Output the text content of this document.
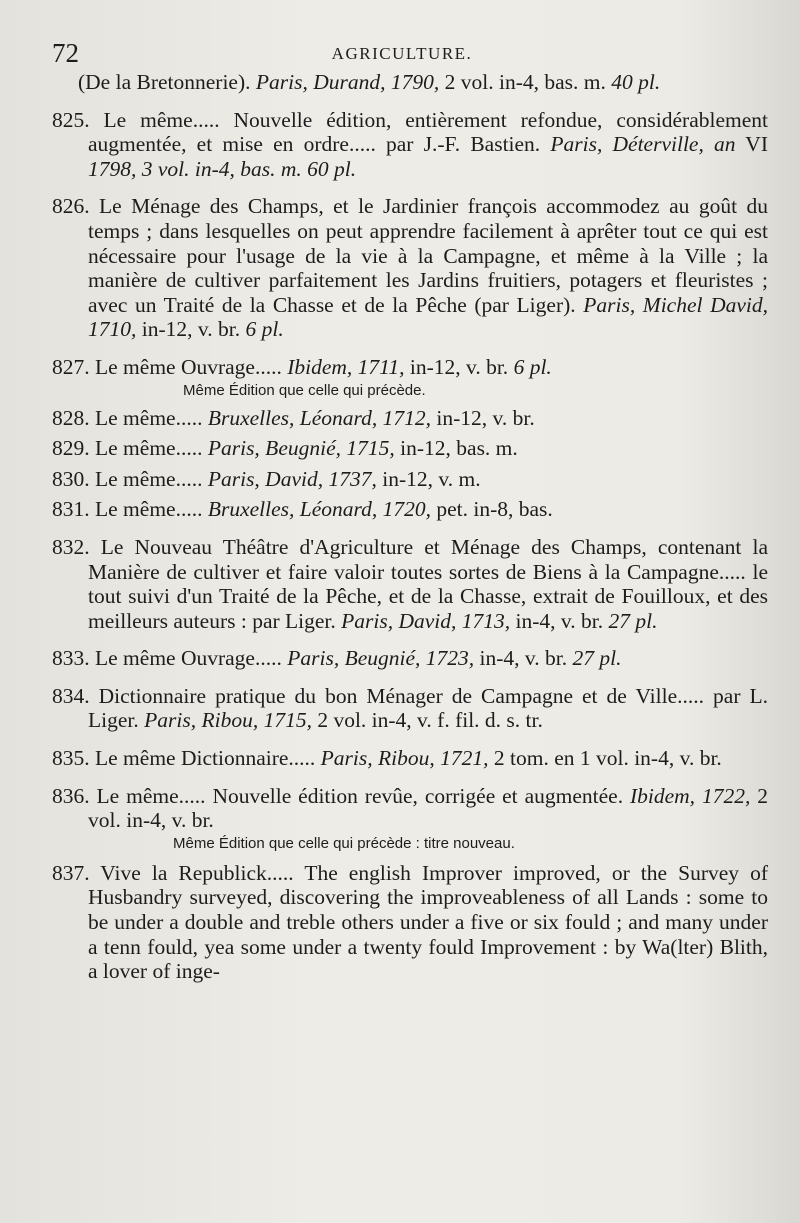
72	AGRICULTURE.
(De la Bretonnerie). Paris, Durand, 1790, 2 vol. in-4, bas. m. 40 pl.
825. Le même..... Nouvelle édition, entièrement refondue, considérablement augmentée, et mise en ordre..... par J.-F. Bastien. Paris, Déterville, an VI 1798, 3 vol. in-4, bas. m. 60 pl.
826. Le Ménage des Champs, et le Jardinier françois accommodez au goût du temps ; dans lesquelles on peut apprendre facilement à aprêter tout ce qui est nécessaire pour l'usage de la vie à la Campagne, et même à la Ville ; la manière de cultiver parfaitement les Jardins fruitiers, potagers et fleuristes ; avec un Traité de la Chasse et de la Pêche (par Liger). Paris, Michel David, 1710, in-12, v. br. 6 pl.
827. Le même Ouvrage..... Ibidem, 1711, in-12, v. br. 6 pl.
Même Édition que celle qui précède.
828. Le même..... Bruxelles, Léonard, 1712, in-12, v. br.
829. Le même..... Paris, Beugnié, 1715, in-12, bas. m.
830. Le même..... Paris, David, 1737, in-12, v. m.
831. Le même..... Bruxelles, Léonard, 1720, pet. in-8, bas.
832. Le Nouveau Théâtre d'Agriculture et Ménage des Champs, contenant la Manière de cultiver et faire valoir toutes sortes de Biens à la Campagne..... le tout suivi d'un Traité de la Pêche, et de la Chasse, extrait de Fouilloux, et des meilleurs auteurs : par Liger. Paris, David, 1713, in-4, v. br. 27 pl.
833. Le même Ouvrage..... Paris, Beugnié, 1723, in-4, v. br. 27 pl.
834. Dictionnaire pratique du bon Ménager de Campagne et de Ville..... par L. Liger. Paris, Ribou, 1715, 2 vol. in-4, v. f. fil. d. s. tr.
835. Le même Dictionnaire..... Paris, Ribou, 1721, 2 tom. en 1 vol. in-4, v. br.
836. Le même..... Nouvelle édition revûe, corrigée et augmentée. Ibidem, 1722, 2 vol. in-4, v. br.
Même Édition que celle qui précède : titre nouveau.
837. Vive la Republick..... The english Improver improved, or the Survey of Husbandry surveyed, discovering the improveableness of all Lands : some to be under a double and treble others under a five or six fould ; and many under a tenn fould, yea some under a twenty fould Improvement : by Wa(lter) Blith, a lover of inge-
